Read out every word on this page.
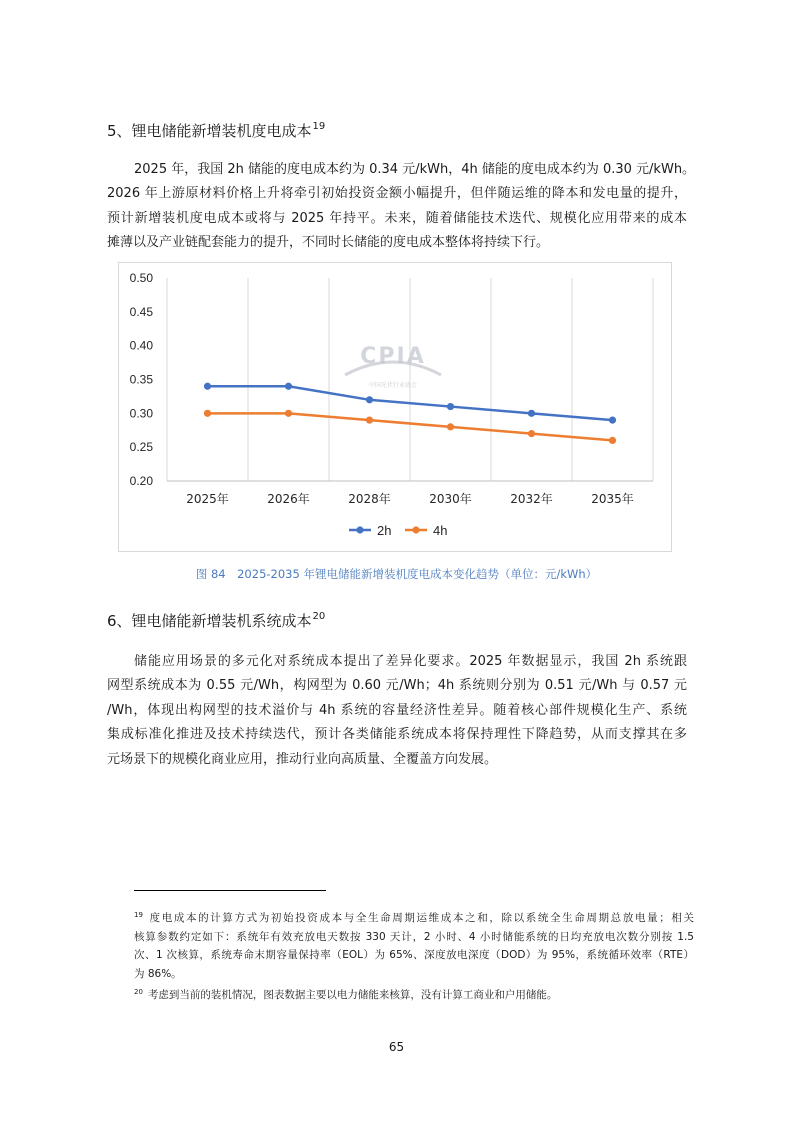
5、锂电储能新增装机度电成本$^{19}$
2025 年，我国 2h 储能的度电成本约为 0.34 元/kWh，4h 储能的度电成本约为 0.30 元/kWh。
2026 年上游原材料价格上升将牵引初始投资金额小幅提升，但伴随运维的降本和发电量的提升，
预计新增装机度电成本或将与 2025 年持平。未来，随着储能技术迭代、规模化应用带来的成本
摊薄以及产业链配套能力的提升，不同时长储能的度电成本整体将持续下行。
0.20
0.25
0.30
0.35
0.40
0.45
0.50
2025年	2026年	2028年	2030年	2032年	2035年
CPIA
中国光伏行业协会
2h	4h
图 84　2025-2035 年锂电储能新增装机度电成本变化趋势（单位：元/kWh）
6、锂电储能新增装机系统成本$^{20}$
储能应用场景的多元化对系统成本提出了差异化要求。2025 年数据显示，我国 2h 系统跟
网型系统成本为 0.55 元/Wh，构网型为 0.60 元/Wh；4h 系统则分别为 0.51 元/Wh 与 0.57 元
/Wh，体现出构网型的技术溢价与 4h 系统的容量经济性差异。随着核心部件规模化生产、系统
集成标准化推进及技术持续迭代，预计各类储能系统成本将保持理性下降趋势，从而支撑其在多
元场景下的规模化商业应用，推动行业向高质量、全覆盖方向发展。
$^{19}$ 度电成本的计算方式为初始投资成本与全生命周期运维成本之和，除以系统全生命周期总放电量；相关
核算参数约定如下：系统年有效充放电天数按 330 天计，2 小时、4 小时储能系统的日均充放电次数分别按 1.5
次、1 次核算，系统寿命末期容量保持率（EOL）为 65%、深度放电深度（DOD）为 95%，系统循环效率（RTE）
为 86%。
$^{20}$ 考虑到当前的装机情况，图表数据主要以电力储能来核算，没有计算工商业和户用储能。
65
